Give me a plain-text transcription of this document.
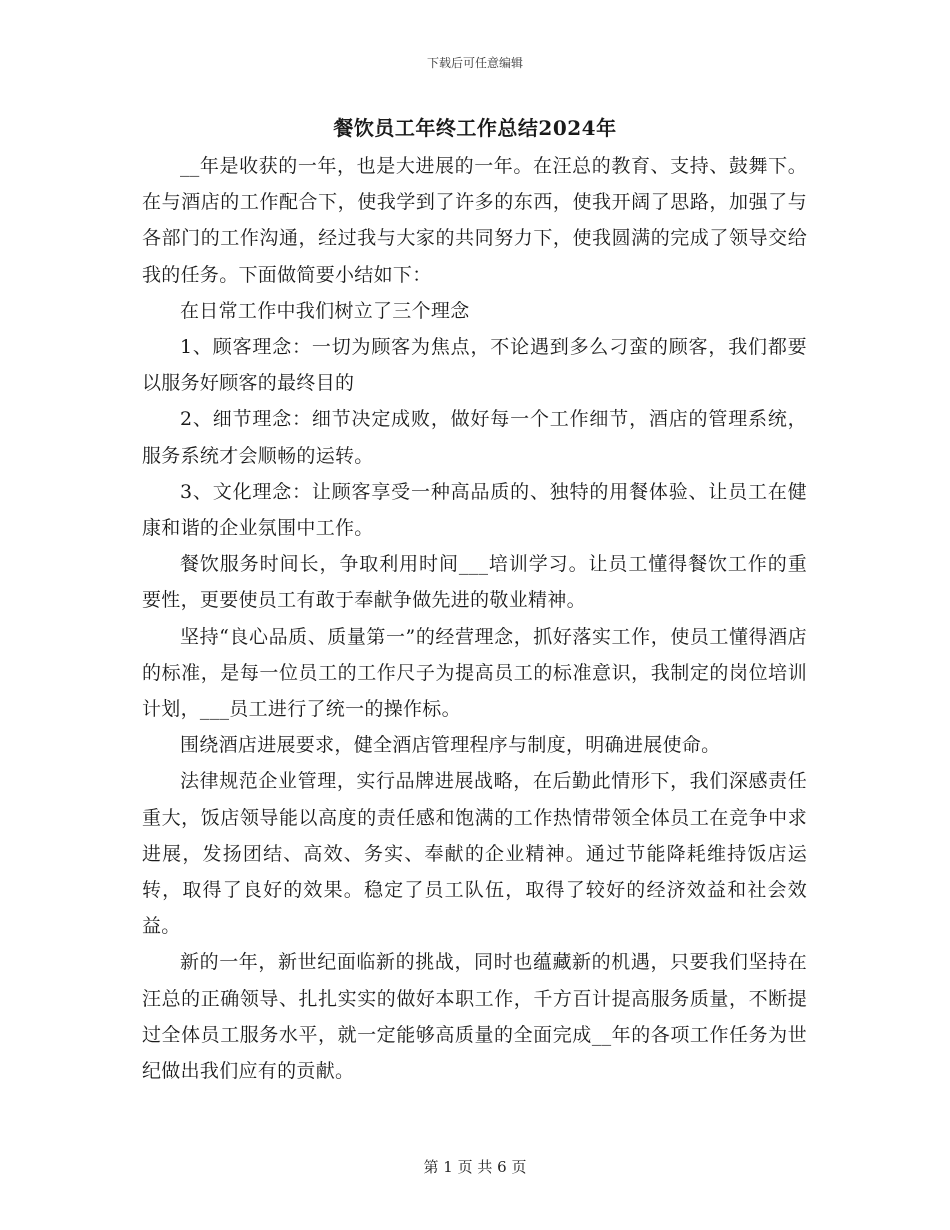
下载后可任意编辑
餐饮员工年终工作总结2024年

__年是收获的一年，也是大进展的一年。在汪总的教育、支持、鼓舞下。在与酒店的工作配合下，使我学到了许多的东西，使我开阔了思路，加强了与各部门的工作沟通，经过我与大家的共同努力下，使我圆满的完成了领导交给我的任务。下面做简要小结如下：

在日常工作中我们树立了三个理念

1、顾客理念：一切为顾客为焦点，不论遇到多么刁蛮的顾客，我们都要以服务好顾客的最终目的

2、细节理念：细节决定成败，做好每一个工作细节，酒店的管理系统，服务系统才会顺畅的运转。

3、文化理念：让顾客享受一种高品质的、独特的用餐体验、让员工在健康和谐的企业氛围中工作。

餐饮服务时间长，争取利用时间___培训学习。让员工懂得餐饮工作的重要性，更要使员工有敢于奉献争做先进的敬业精神。

坚持“良心品质、质量第一”的经营理念，抓好落实工作，使员工懂得酒店的标准，是每一位员工的工作尺子为提高员工的标准意识，我制定的岗位培训计划，___员工进行了统一的操作标。

围绕酒店进展要求，健全酒店管理程序与制度，明确进展使命。

法律规范企业管理，实行品牌进展战略，在后勤此情形下，我们深感责任重大，饭店领导能以高度的责任感和饱满的工作热情带领全体员工在竞争中求进展，发扬团结、高效、务实、奉献的企业精神。通过节能降耗维持饭店运转，取得了良好的效果。稳定了员工队伍，取得了较好的经济效益和社会效益。

新的一年，新世纪面临新的挑战，同时也蕴藏新的机遇，只要我们坚持在汪总的正确领导、扎扎实实的做好本职工作，千方百计提高服务质量，不断提过全体员工服务水平，就一定能够高质量的全面完成__年的各项工作任务为世纪做出我们应有的贡献。

第 1 页 共 6 页
